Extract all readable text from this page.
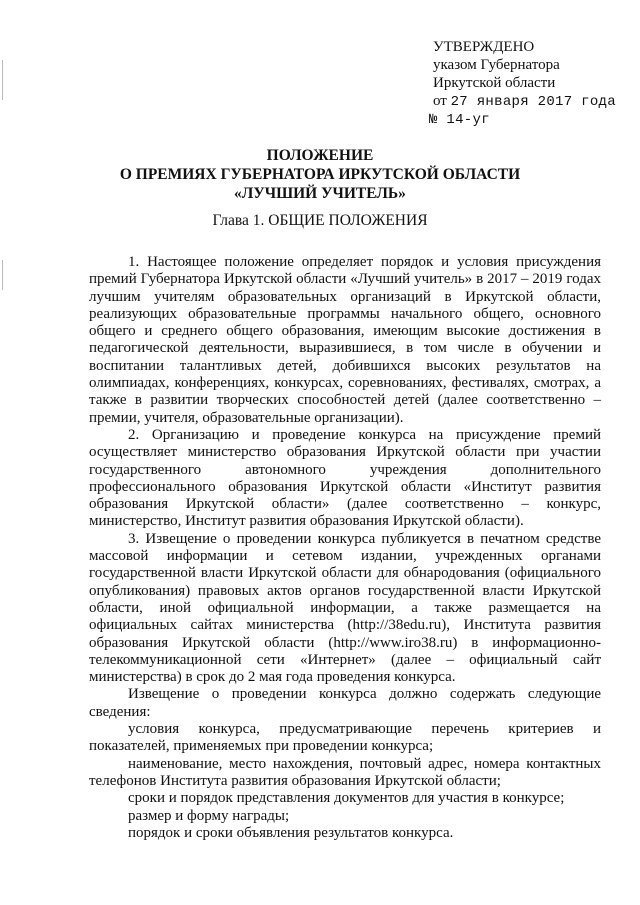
УТВЕРЖДЕНО
указом Губернатора
Иркутской области
от 27 января 2017 года
№ 14-уг
ПОЛОЖЕНИЕ
О ПРЕМИЯХ ГУБЕРНАТОРА ИРКУТСКОЙ ОБЛАСТИ
«ЛУЧШИЙ УЧИТЕЛЬ»
Глава 1. ОБЩИЕ ПОЛОЖЕНИЯ

1. Настоящее положение определяет порядок и условия присуждения премий Губернатора Иркутской области «Лучший учитель» в 2017 – 2019 годах лучшим учителям образовательных организаций в Иркутской области, реализующих образовательные программы начального общего, основного общего и среднего общего образования, имеющим высокие достижения в педагогической деятельности, выразившиеся, в том числе в обучении и воспитании талантливых детей, добившихся высоких результатов на олимпиадах, конференциях, конкурсах, соревнованиях, фестивалях, смотрах, а также в развитии творческих способностей детей (далее соответственно – премии, учителя, образовательные организации).

2. Организацию и проведение конкурса на присуждение премий осуществляет министерство образования Иркутской области при участии государственного автономного учреждения дополнительного профессионального образования Иркутской области «Институт развития образования Иркутской области» (далее соответственно – конкурс, министерство, Институт развития образования Иркутской области).

3. Извещение о проведении конкурса публикуется в печатном средстве массовой информации и сетевом издании, учрежденных органами государственной власти Иркутской области для обнародования (официального опубликования) правовых актов органов государственной власти Иркутской области, иной официальной информации, а также размещается на официальных сайтах министерства (http://38edu.ru), Института развития образования Иркутской области (http://www.iro38.ru) в информационно-телекоммуникационной сети «Интернет» (далее – официальный сайт министерства) в срок до 2 мая года проведения конкурса.

Извещение о проведении конкурса должно содержать следующие сведения:

условия конкурса, предусматривающие перечень критериев и показателей, применяемых при проведении конкурса;

наименование, место нахождения, почтовый адрес, номера контактных телефонов Института развития образования Иркутской области;

сроки и порядок представления документов для участия в конкурсе;

размер и форму награды;

порядок и сроки объявления результатов конкурса.
